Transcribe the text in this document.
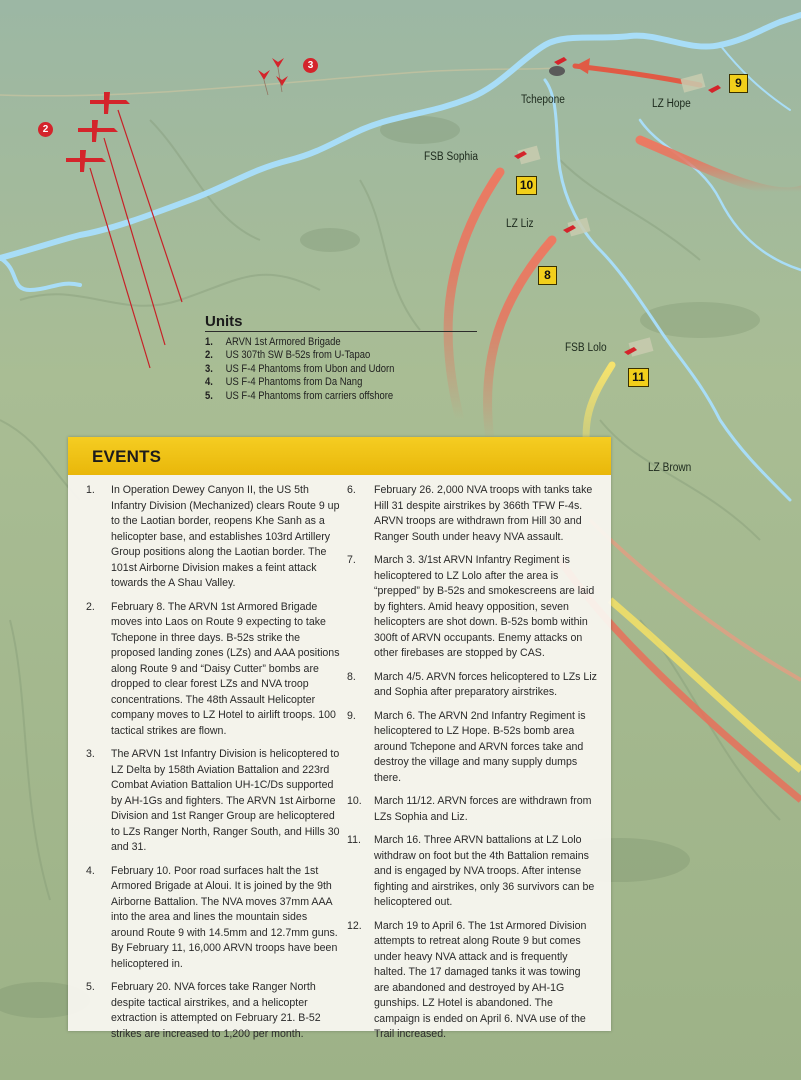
Tchepone	LZ Hope
FSB Sophia
LZ Liz
FSB Lolo
LZ Brown
9
10
8
11
2
3
Units
1. ARVN 1st Armored Brigade
2. US 307th SW B-52s from U-Tapao
3. US F-4 Phantoms from Ubon and Udorn
4. US F-4 Phantoms from Da Nang
5. US F-4 Phantoms from carriers offshore
EVENTS
1. In Operation Dewey Canyon II, the US 5th Infantry Division (Mechanized) clears Route 9 up to the Laotian border, reopens Khe Sanh as a helicopter base, and establishes 103rd Artillery Group positions along the Laotian border. The 101st Airborne Division makes a feint attack towards the A Shau Valley.
2. February 8. The ARVN 1st Armored Brigade moves into Laos on Route 9 expecting to take Tchepone in three days. B-52s strike the proposed landing zones (LZs) and AAA positions along Route 9 and “Daisy Cutter” bombs are dropped to clear forest LZs and NVA troop concentrations. The 48th Assault Helicopter company moves to LZ Hotel to airlift troops. 100 tactical strikes are flown.
3. The ARVN 1st Infantry Division is helicoptered to LZ Delta by 158th Aviation Battalion and 223rd Combat Aviation Battalion UH-1C/Ds supported by AH-1Gs and fighters. The ARVN 1st Airborne Division and 1st Ranger Group are helicoptered to LZs Ranger North, Ranger South, and Hills 30 and 31.
4. February 10. Poor road surfaces halt the 1st Armored Brigade at Aloui. It is joined by the 9th Airborne Battalion. The NVA moves 37mm AAA into the area and lines the mountain sides around Route 9 with 14.5mm and 12.7mm guns. By February 11, 16,000 ARVN troops have been helicoptered in.
5. February 20. NVA forces take Ranger North despite tactical airstrikes, and a helicopter extraction is attempted on February 21. B-52 strikes are increased to 1,200 per month.
6. February 26. 2,000 NVA troops with tanks take Hill 31 despite airstrikes by 366th TFW F-4s. ARVN troops are withdrawn from Hill 30 and Ranger South under heavy NVA assault.
7. March 3. 3/1st ARVN Infantry Regiment is helicoptered to LZ Lolo after the area is “prepped” by B-52s and smokescreens are laid by fighters. Amid heavy opposition, seven helicopters are shot down. B-52s bomb within 300ft of ARVN occupants. Enemy attacks on other firebases are stopped by CAS.
8. March 4/5. ARVN forces helicoptered to LZs Liz and Sophia after preparatory airstrikes.
9. March 6. The ARVN 2nd Infantry Regiment is helicoptered to LZ Hope. B-52s bomb area around Tchepone and ARVN forces take and destroy the village and many supply dumps there.
10. March 11/12. ARVN forces are withdrawn from LZs Sophia and Liz.
11. March 16. Three ARVN battalions at LZ Lolo withdraw on foot but the 4th Battalion remains and is engaged by NVA troops. After intense fighting and airstrikes, only 36 survivors can be helicoptered out.
12. March 19 to April 6. The 1st Armored Division attempts to retreat along Route 9 but comes under heavy NVA attack and is frequently halted. The 17 damaged tanks it was towing are abandoned and destroyed by AH-1G gunships. LZ Hotel is abandoned. The campaign is ended on April 6. NVA use of the Trail increased.
